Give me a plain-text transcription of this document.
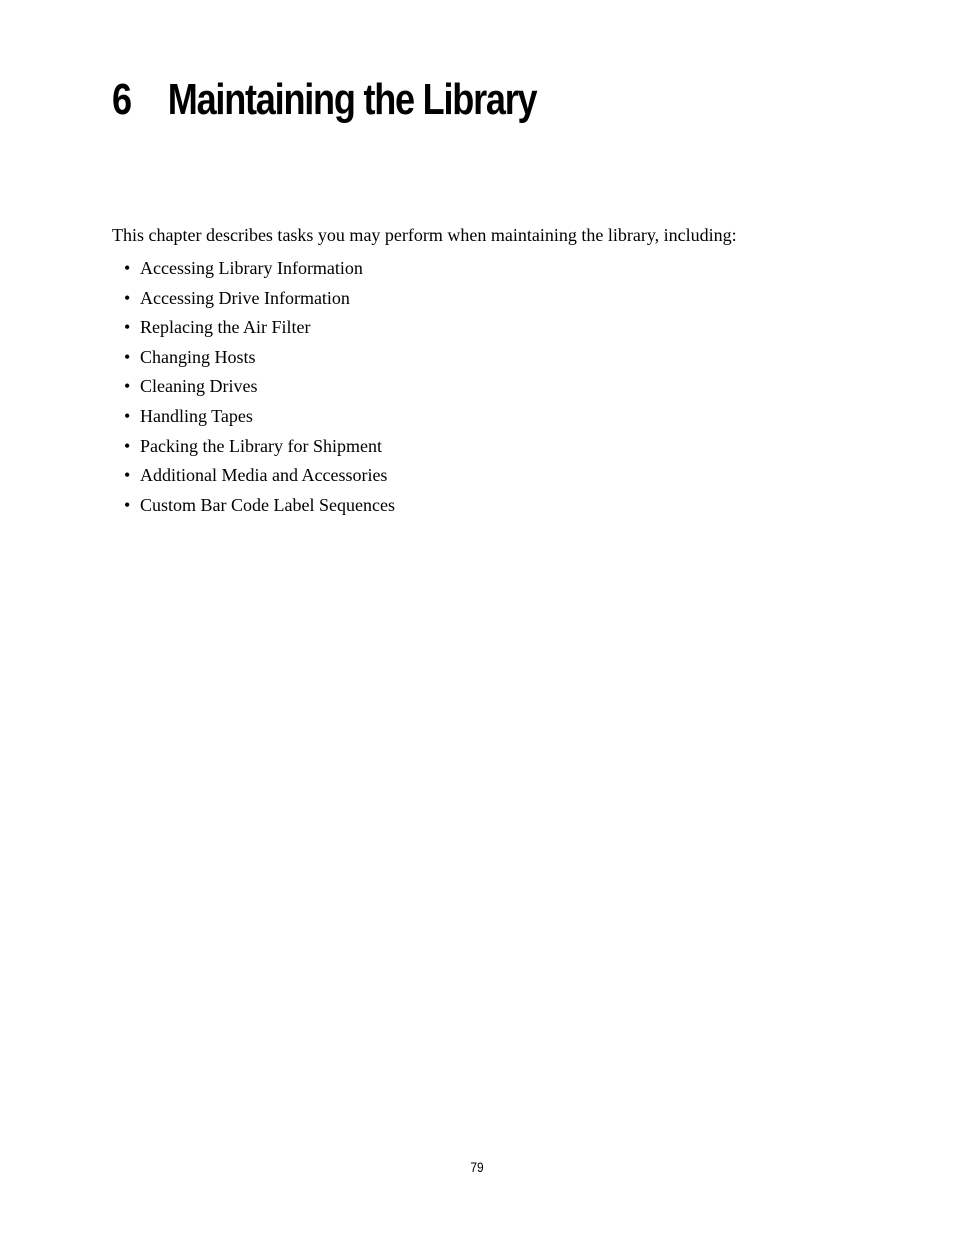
6 Maintaining the Library

This chapter describes tasks you may perform when maintaining the library, including:

• Accessing Library Information
• Accessing Drive Information
• Replacing the Air Filter
• Changing Hosts
• Cleaning Drives
• Handling Tapes
• Packing the Library for Shipment
• Additional Media and Accessories
• Custom Bar Code Label Sequences
79
